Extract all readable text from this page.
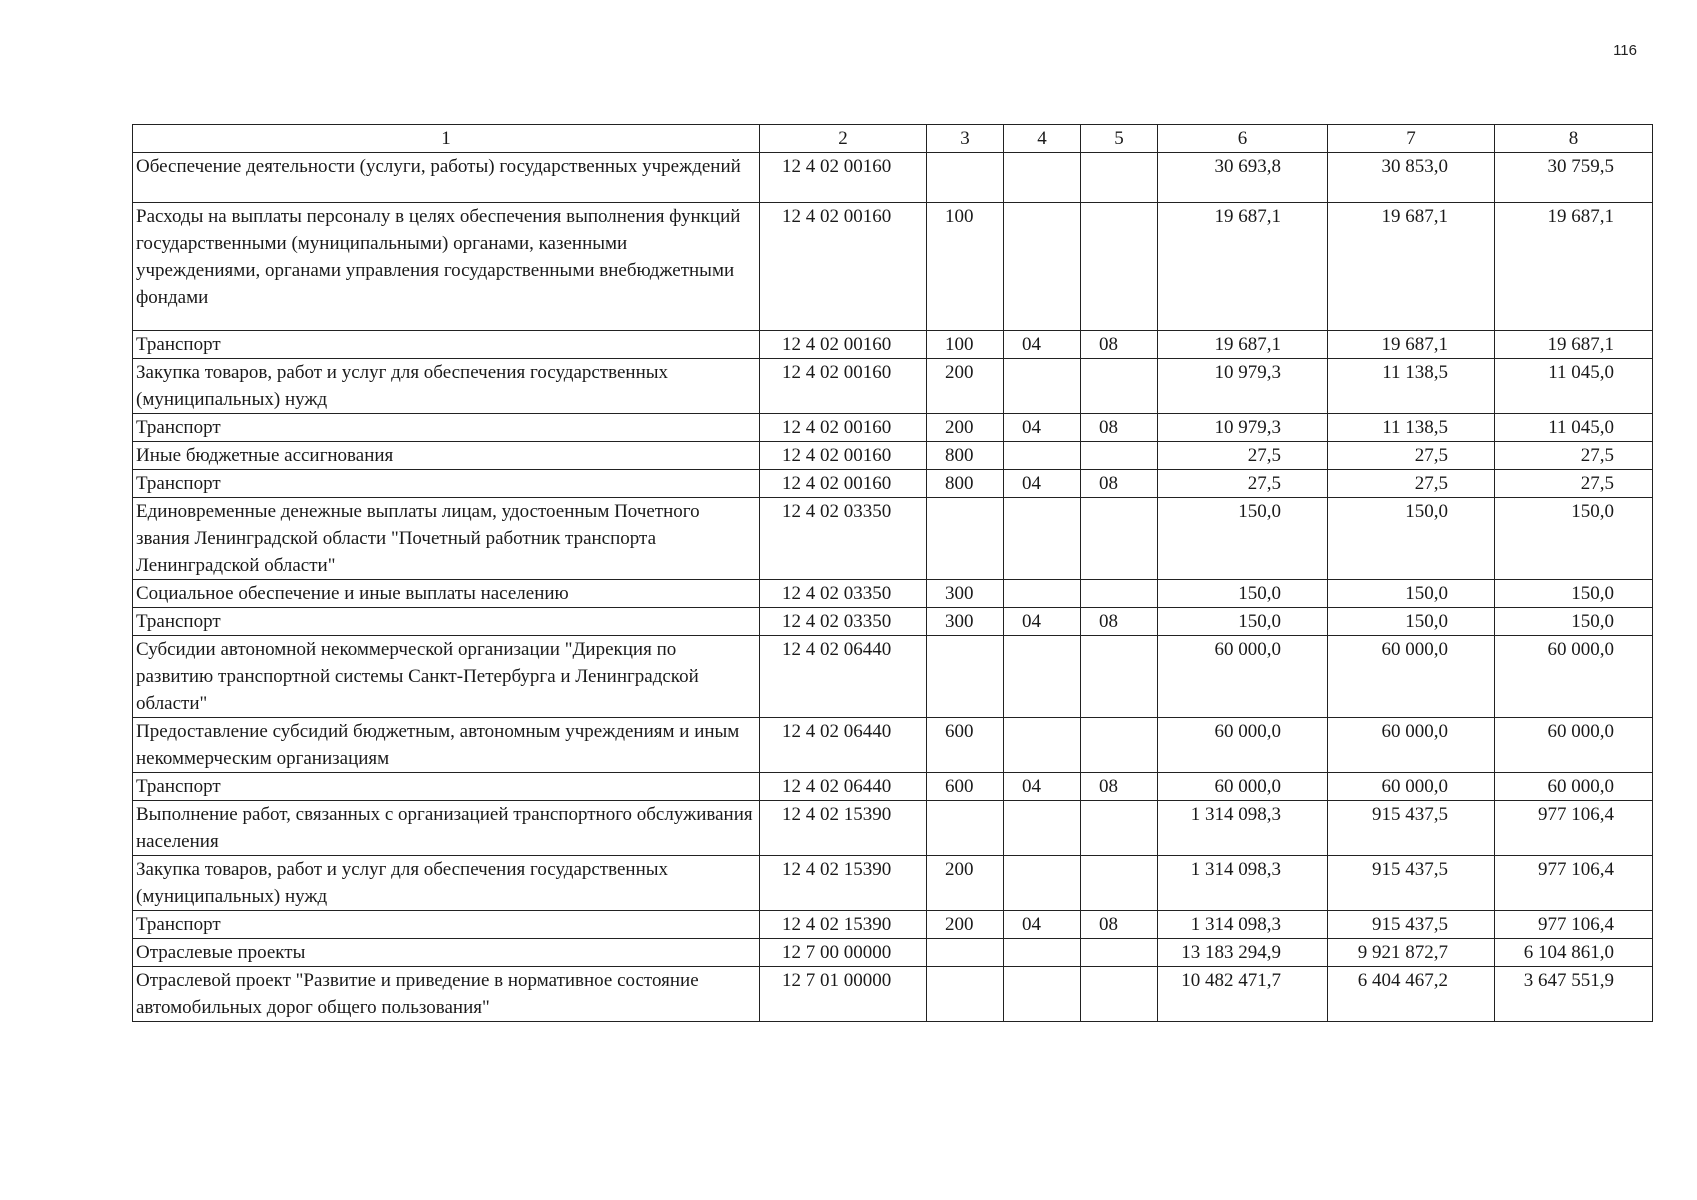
116
1	2	3	4	5	6	7	8
Обеспечение деятельности (услуги, работы) государственных учреждений	12 4 02 00160				30 693,8	30 853,0	30 759,5
Расходы на выплаты персоналу в целях обеспечения выполнения функций государственными (муниципальными) органами, казенными учреждениями, органами управления государственными внебюджетными фондами	12 4 02 00160	100			19 687,1	19 687,1	19 687,1
Транспорт	12 4 02 00160	100	04	08	19 687,1	19 687,1	19 687,1
Закупка товаров, работ и услуг для обеспечения государственных (муниципальных) нужд	12 4 02 00160	200			10 979,3	11 138,5	11 045,0
Транспорт	12 4 02 00160	200	04	08	10 979,3	11 138,5	11 045,0
Иные бюджетные ассигнования	12 4 02 00160	800			27,5	27,5	27,5
Транспорт	12 4 02 00160	800	04	08	27,5	27,5	27,5
Единовременные денежные выплаты лицам, удостоенным Почетного звания Ленинградской области "Почетный работник транспорта Ленинградской области"	12 4 02 03350				150,0	150,0	150,0
Социальное обеспечение и иные выплаты населению	12 4 02 03350	300			150,0	150,0	150,0
Транспорт	12 4 02 03350	300	04	08	150,0	150,0	150,0
Субсидии автономной некоммерческой организации "Дирекция по развитию транспортной системы Санкт-Петербурга и Ленинградской области"	12 4 02 06440				60 000,0	60 000,0	60 000,0
Предоставление субсидий бюджетным, автономным учреждениям и иным некоммерческим организациям	12 4 02 06440	600			60 000,0	60 000,0	60 000,0
Транспорт	12 4 02 06440	600	04	08	60 000,0	60 000,0	60 000,0
Выполнение работ, связанных с организацией транспортного обслуживания населения	12 4 02 15390				1 314 098,3	915 437,5	977 106,4
Закупка товаров, работ и услуг для обеспечения государственных (муниципальных) нужд	12 4 02 15390	200			1 314 098,3	915 437,5	977 106,4
Транспорт	12 4 02 15390	200	04	08	1 314 098,3	915 437,5	977 106,4
Отраслевые проекты	12 7 00 00000				13 183 294,9	9 921 872,7	6 104 861,0
Отраслевой проект "Развитие и приведение в нормативное состояние автомобильных дорог общего пользования"	12 7 01 00000				10 482 471,7	6 404 467,2	3 647 551,9
